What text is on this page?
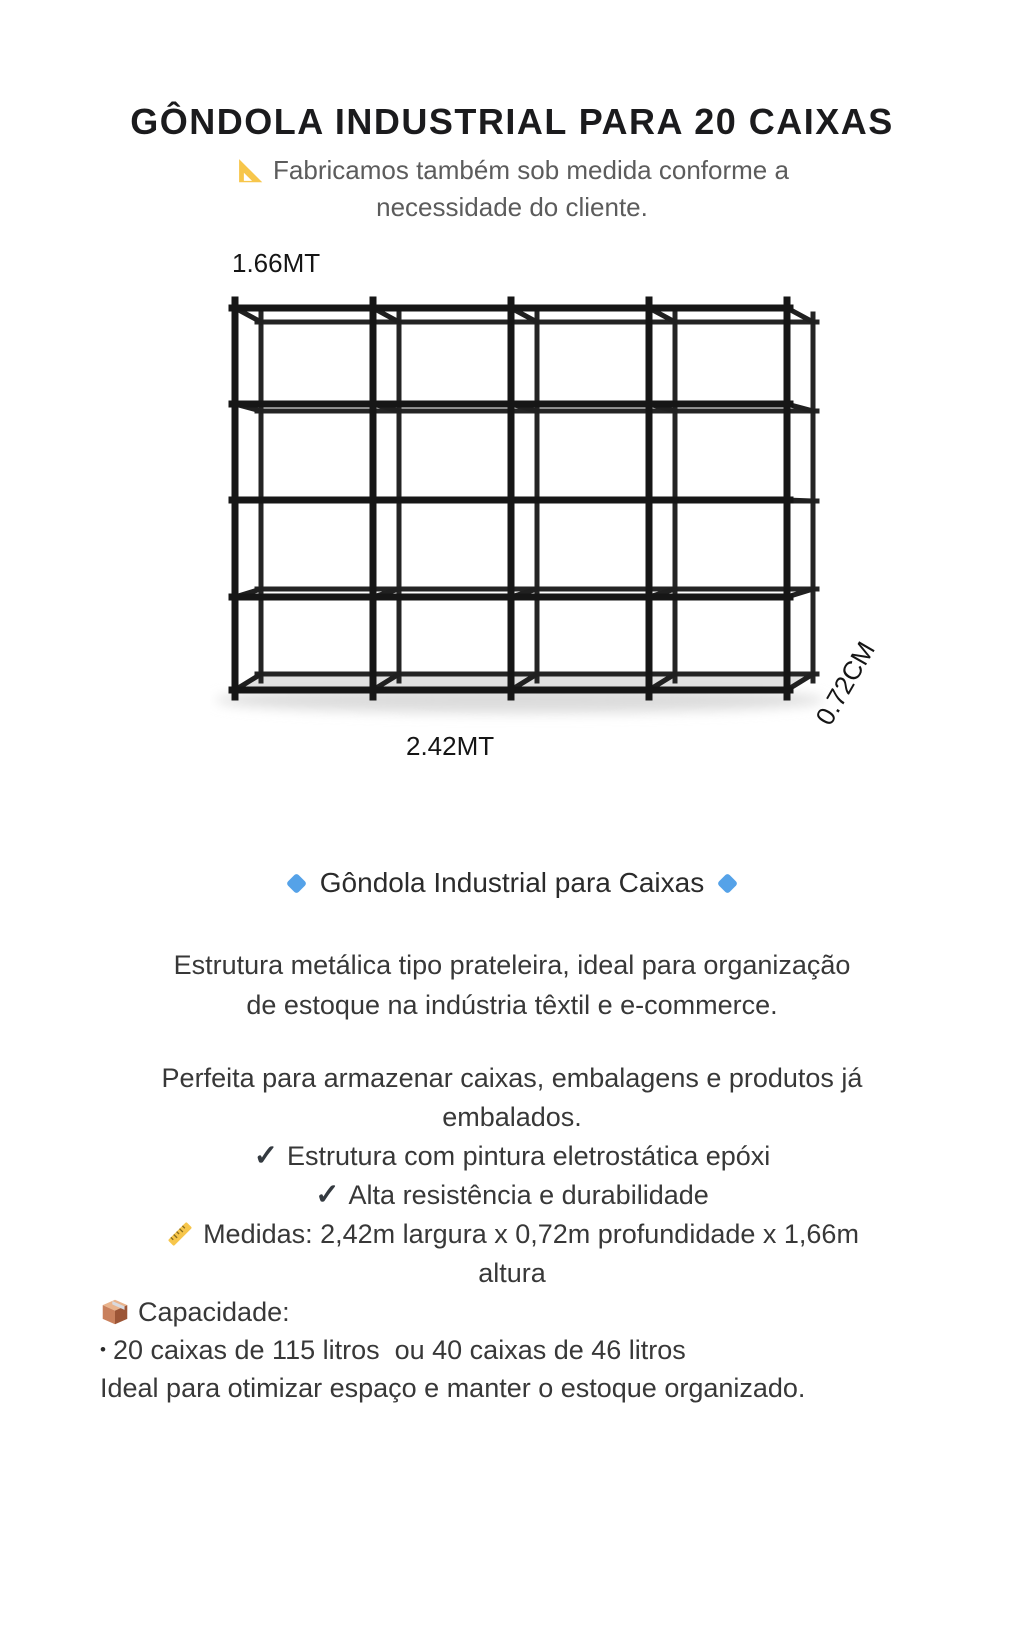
GÔNDOLA INDUSTRIAL PARA 20 CAIXAS
Fabricamos também sob medida conforme a
necessidade do cliente.
1.66MT
2.42MT
0.72CM
Gôndola Industrial para Caixas
Estrutura metálica tipo prateleira, ideal para organização
de estoque na indústria têxtil e e-commerce.
Perfeita para armazenar caixas, embalagens e produtos já
embalados.
✓ Estrutura com pintura eletrostática epóxi
✓ Alta resistência e durabilidade
Medidas: 2,42m largura x 0,72m profundidade x 1,66m
altura
Capacidade:
• 20 caixas de 115 litros  ou 40 caixas de 46 litros
Ideal para otimizar espaço e manter o estoque organizado.
